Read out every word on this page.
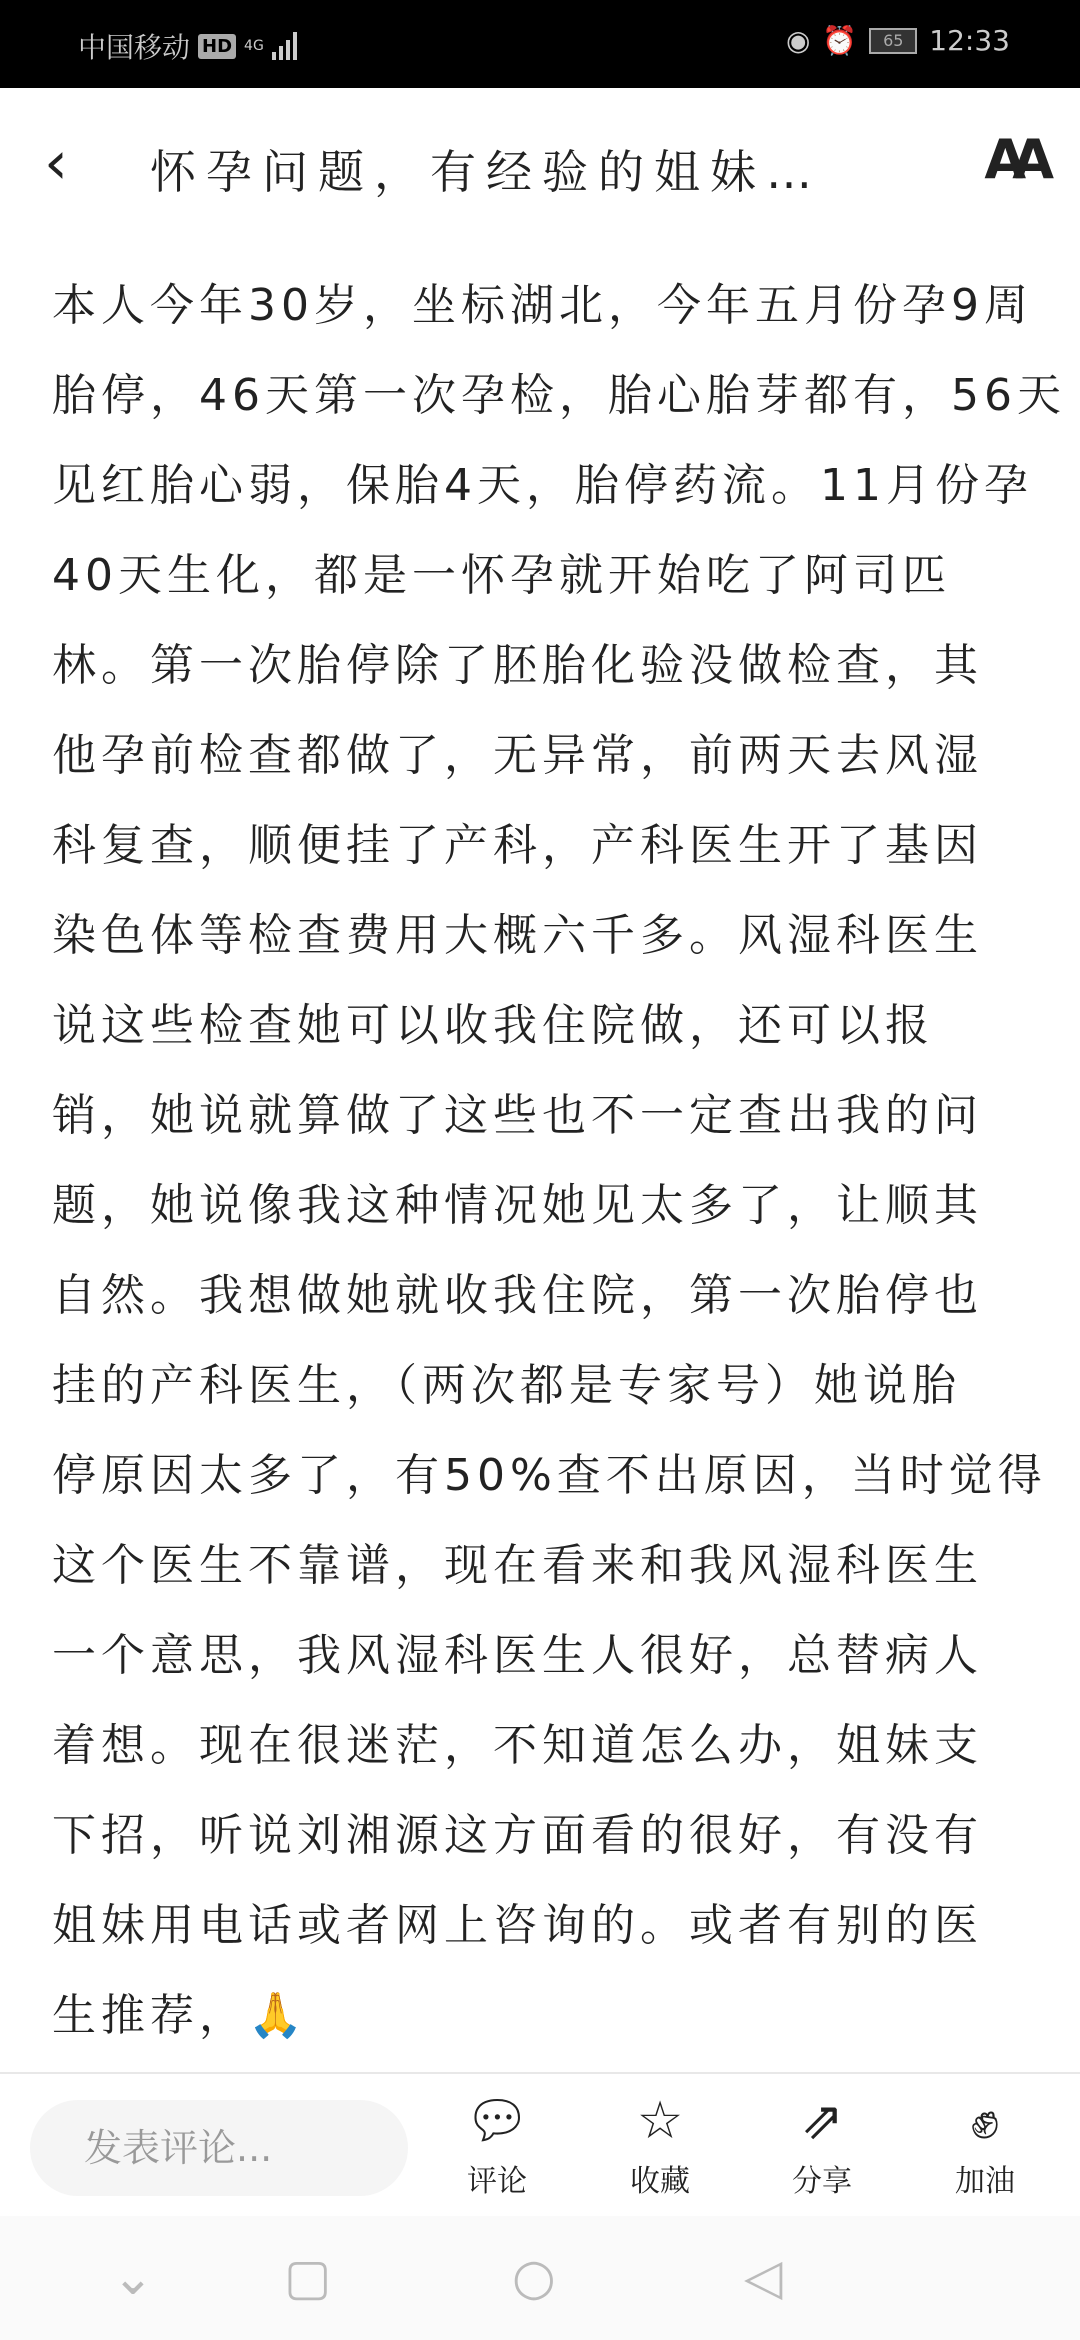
中国移动 HD 4G	◉ ⏰	65 12:33
‹ 怀孕问题，有经验的姐妹…	AA
本人今年30岁，坐标湖北，今年五月份孕9周
胎停，46天第一次孕检，胎心胎芽都有，56天
见红胎心弱，保胎4天，胎停药流。11月份孕
40天生化，都是一怀孕就开始吃了阿司匹
林。第一次胎停除了胚胎化验没做检查，其
他孕前检查都做了，无异常，前两天去风湿
科复查，顺便挂了产科，产科医生开了基因
染色体等检查费用大概六千多。风湿科医生
说这些检查她可以收我住院做，还可以报
销，她说就算做了这些也不一定查出我的问
题，她说像我这种情况她见太多了，让顺其
自然。我想做她就收我住院，第一次胎停也
挂的产科医生，（两次都是专家号）她说胎
停原因太多了，有50%查不出原因，当时觉得
这个医生不靠谱，现在看来和我风湿科医生
一个意思，我风湿科医生人很好，总替病人
着想。现在很迷茫，不知道怎么办，姐妹支
下招，听说刘湘源这方面看的很好，有没有
姐妹用电话或者网上咨询的。或者有别的医
生推荐，🙏
发表评论...	💬︎
评论
☆
收藏
⇗
分享
✊︎
加油
⌄	▢	○	◁
